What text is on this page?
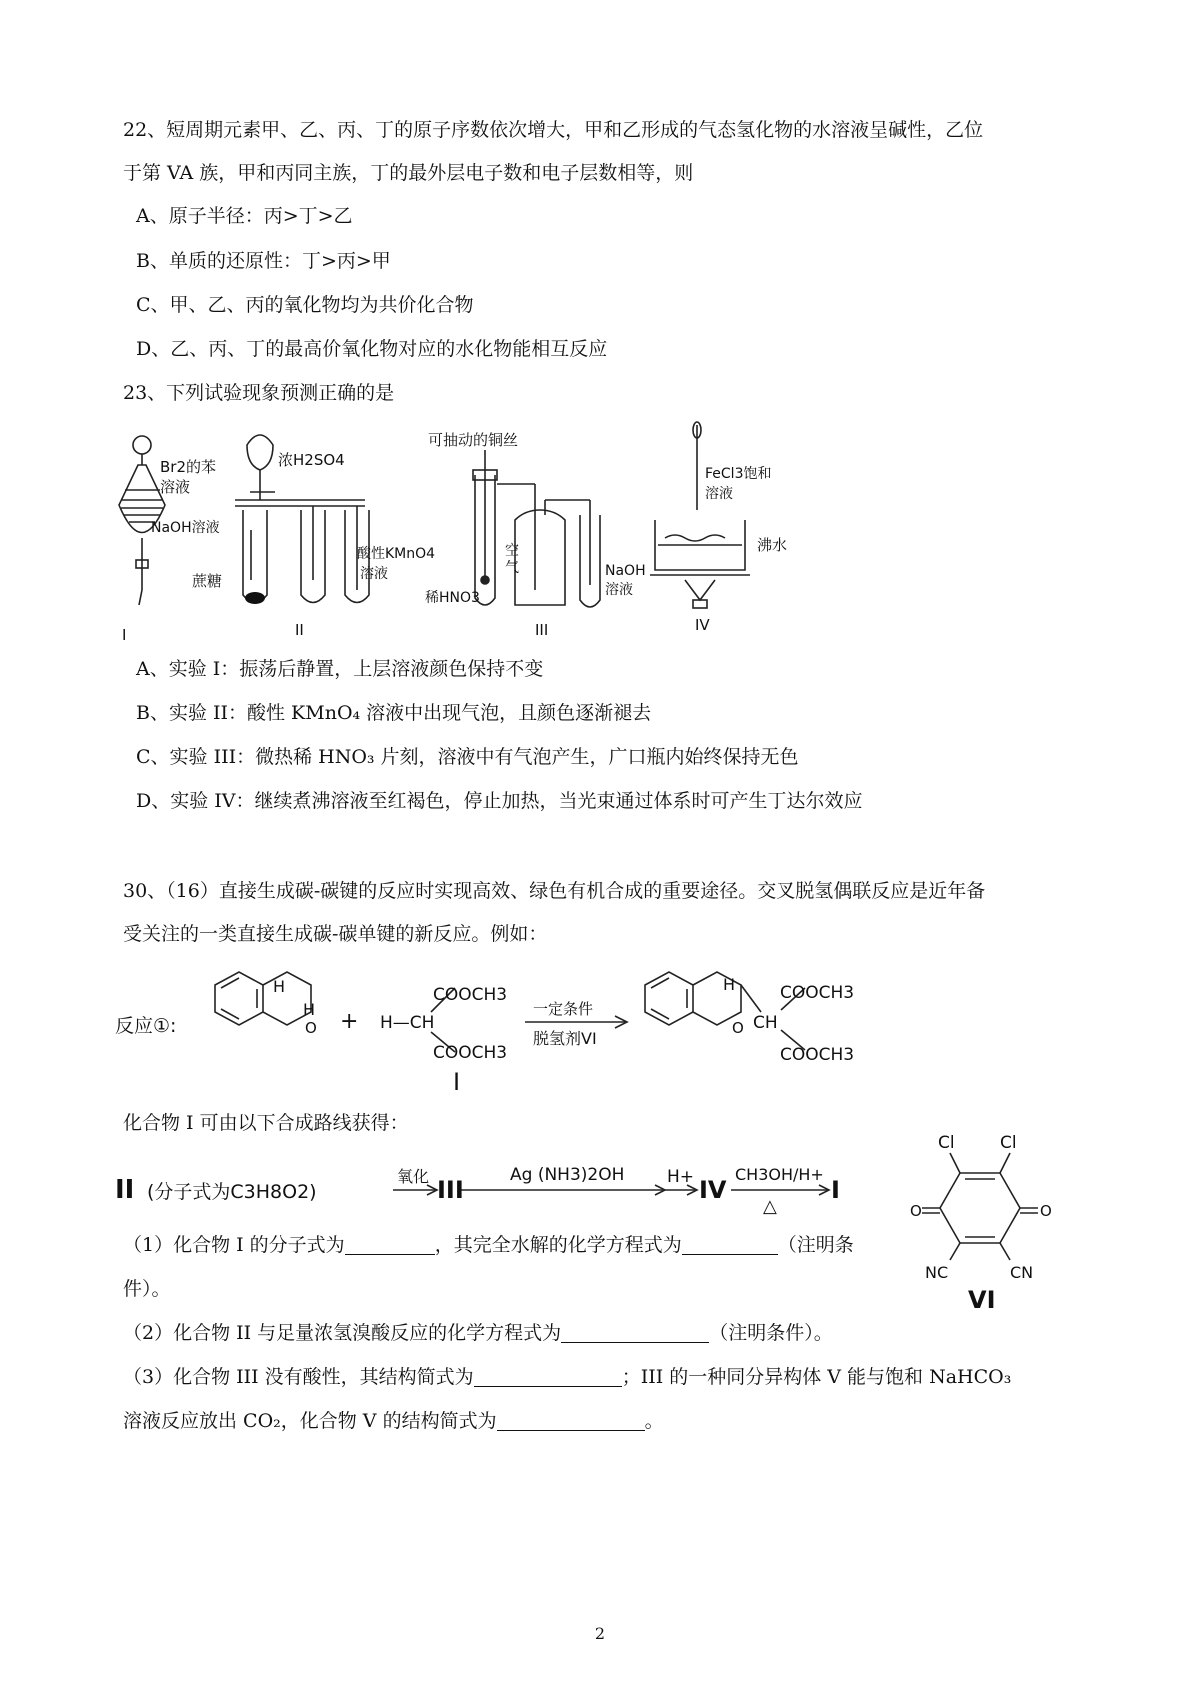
22、短周期元素甲、乙、丙、丁的原子序数依次增大，甲和乙形成的气态氢化物的水溶液呈碱性，乙位
于第 VA 族，甲和丙同主族，丁的最外层电子数和电子层数相等，则
A、原子半径：丙>丁>乙
B、单质的还原性：丁>丙>甲
C、甲、乙、丙的氧化物均为共价化合物
D、乙、丙、丁的最高价氧化物对应的水化物能相互反应
23、下列试验现象预测正确的是
Br2的苯
溶液
NaOH溶液
浓H2SO4
蔗糖
酸性KMnO4
溶液
可抽动的铜丝
空
气
稀HNO3
NaOH
溶液
FeCl3饱和
溶液
沸水
I	II	III	IV
A、实验 I：振荡后静置，上层溶液颜色保持不变
B、实验 II：酸性 KMnO₄ 溶液中出现气泡，且颜色逐渐褪去
C、实验 III：微热稀 HNO₃ 片刻，溶液中有气泡产生，广口瓶内始终保持无色
D、实验 IV：继续煮沸溶液至红褐色，停止加热，当光束通过体系时可产生丁达尔效应
30、（16）直接生成碳-碳键的反应时实现高效、绿色有机合成的重要途径。交叉脱氢偶联反应是近年备
受关注的一类直接生成碳-碳单键的新反应。例如：
反应①:
H
H
O + H—CH
COOCH3
COOCH3
I
一定条件
脱氢剂VI
H
O CH
COOCH3
COOCH3
化合物 I 可由以下合成路线获得：
II (分子式为C3H8O2)
氧化 III
Ag (NH3)2OH	H+ IV
CH3OH/H+
△
I
Cl	Cl
O	O
NC	CN
VI
（1）化合物 I 的分子式为	，其完全水解的化学方程式为	（注明条
件）。
（2）化合物 II 与足量浓氢溴酸反应的化学方程式为	（注明条件）。
（3）化合物 III 没有酸性，其结构简式为	；III 的一种同分异构体 V 能与饱和 NaHCO₃
溶液反应放出 CO₂，化合物 V 的结构简式为	。
2
